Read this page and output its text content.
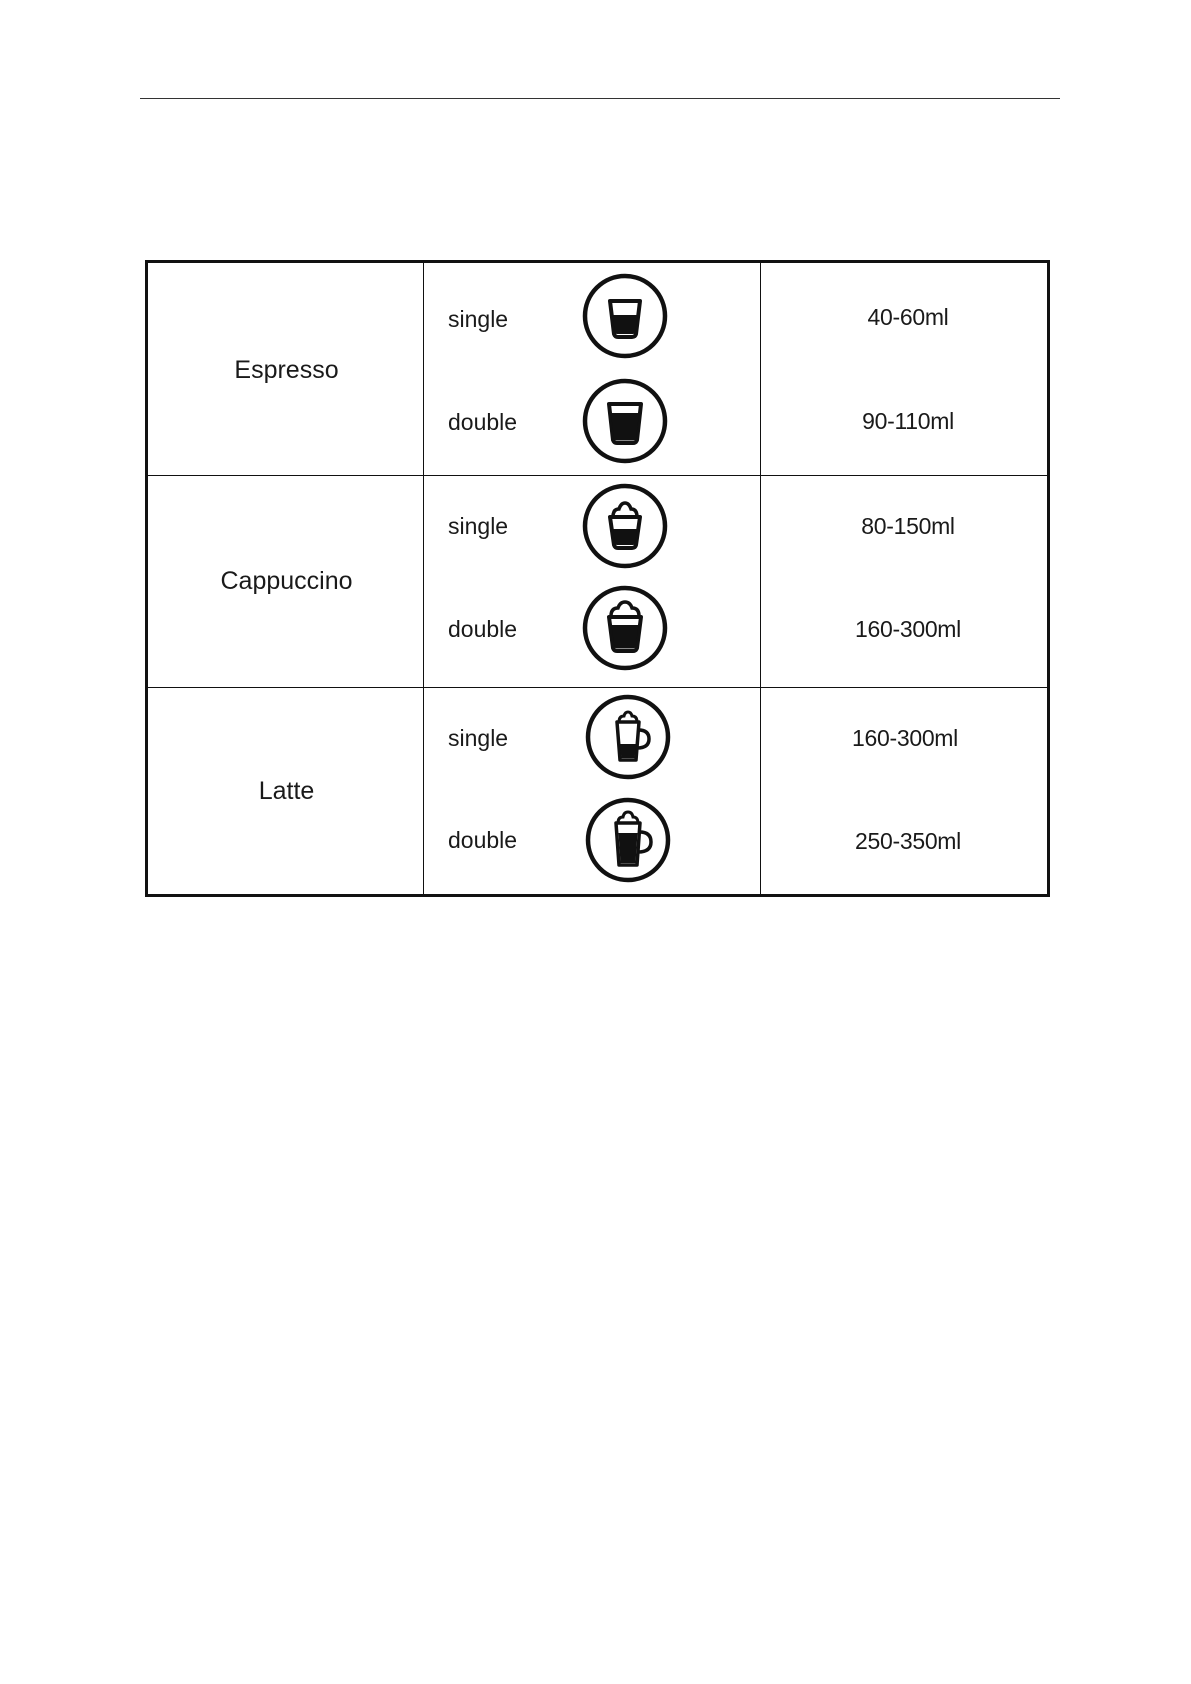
Espresso
single
double
40-60ml
90-110ml
Cappuccino
single
double
80-150ml
160-300ml
Latte
single
double
160-300ml
250-350ml
